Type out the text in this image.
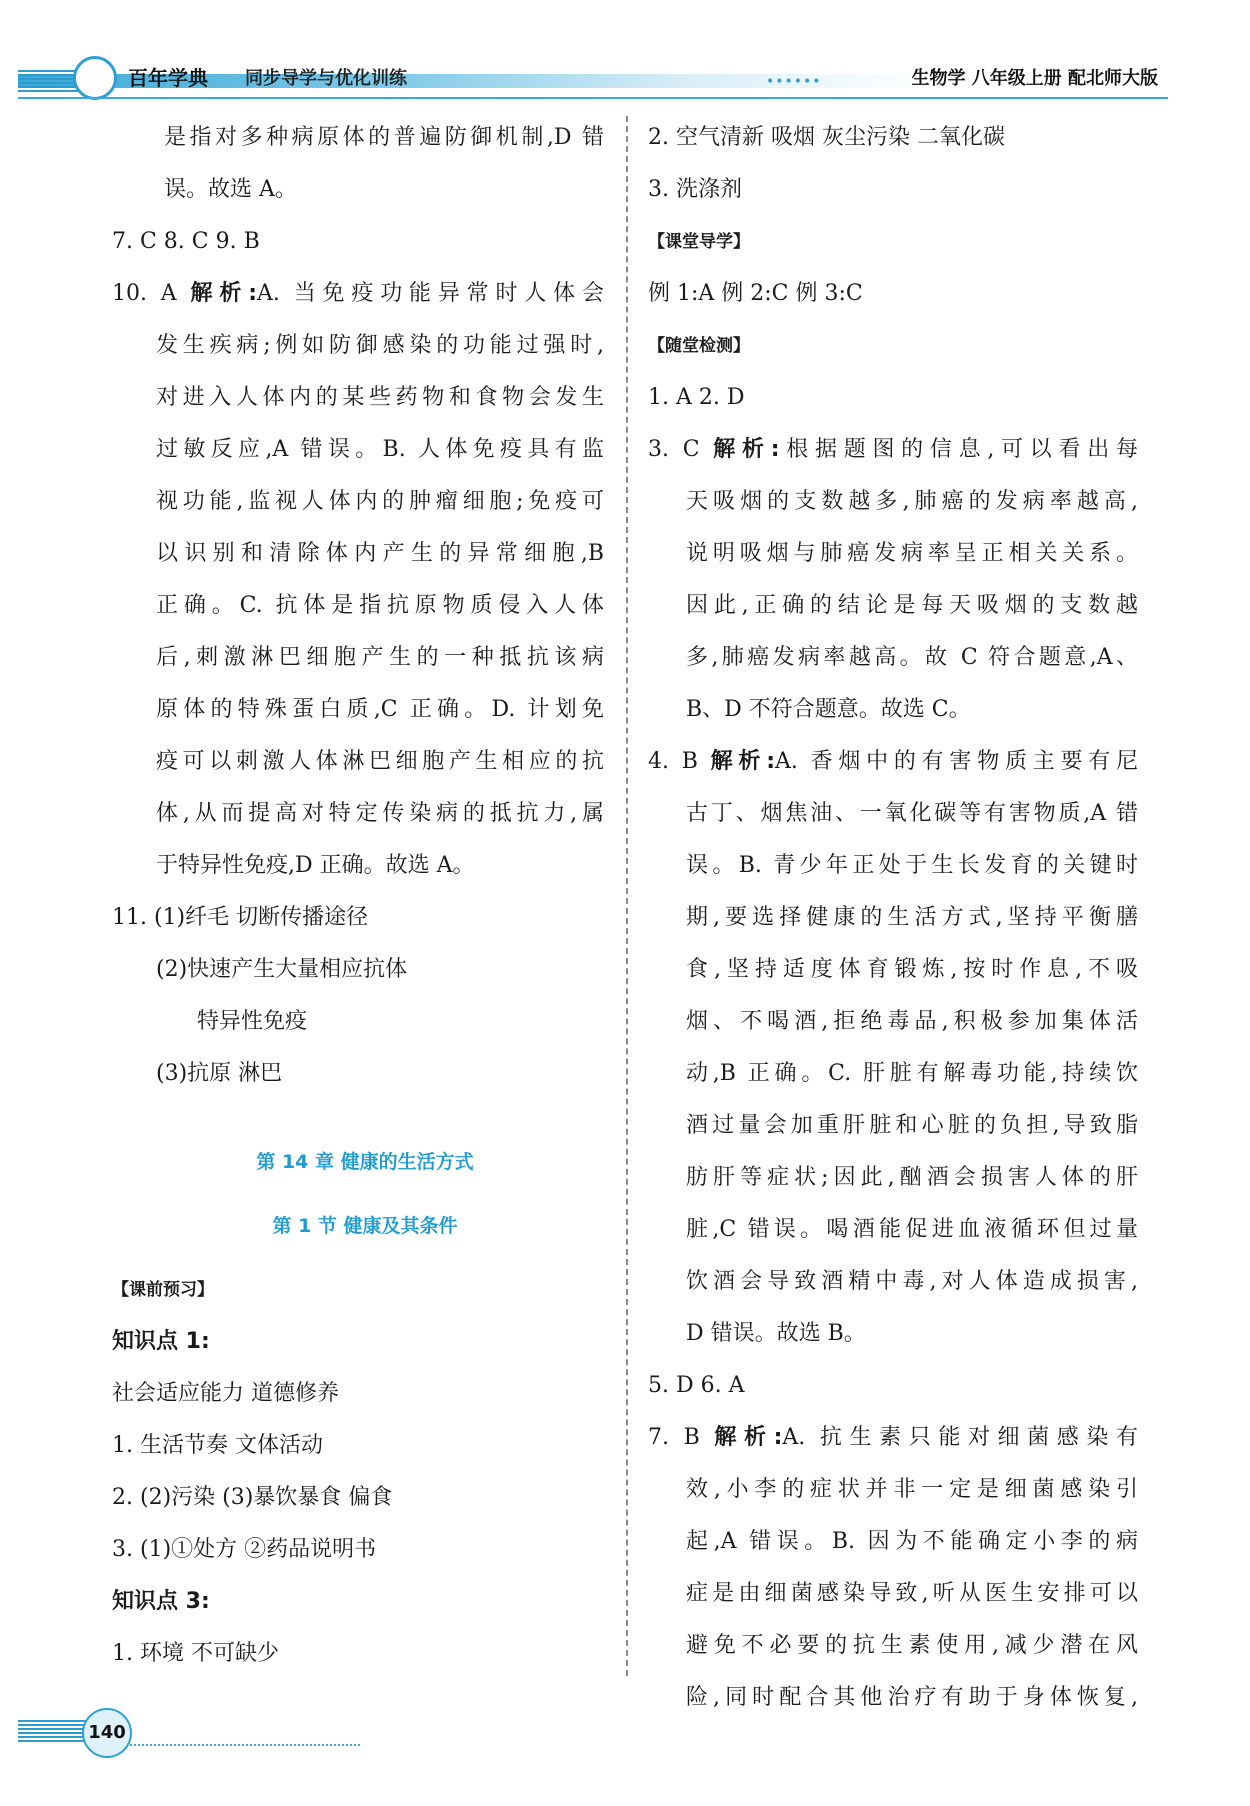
百年学典 同步导学与优化训练	••••••	生物学 八年级上册 配北师大版
是指对多种病原体的普遍防御机制,D 错
误。故选 A。
7. C 8. C 9. B
10. A 解析:A. 当免疫功能异常时人体会
发生疾病;例如防御感染的功能过强时,
对进入人体内的某些药物和食物会发生
过敏反应,A 错误。B. 人体免疫具有监
视功能,监视人体内的肿瘤细胞;免疫可
以识别和清除体内产生的异常细胞,B
正确。C. 抗体是指抗原物质侵入人体
后,刺激淋巴细胞产生的一种抵抗该病
原体的特殊蛋白质,C 正确。D. 计划免
疫可以刺激人体淋巴细胞产生相应的抗
体,从而提高对特定传染病的抵抗力,属
于特异性免疫,D 正确。故选 A。
11. (1)纤毛 切断传播途径
(2)快速产生大量相应抗体
特异性免疫
(3)抗原 淋巴
第 14 章 健康的生活方式
第 1 节 健康及其条件
【课前预习】
知识点 1:
社会适应能力 道德修养
1. 生活节奏 文体活动
2. (2)污染 (3)暴饮暴食 偏食
3. (1)①处方 ②药品说明书
知识点 3:
1. 环境 不可缺少
2. 空气清新 吸烟 灰尘污染 二氧化碳
3. 洗涤剂
【课堂导学】
例 1:A 例 2:C 例 3:C
【随堂检测】
1. A 2. D
3. C 解析:根据题图的信息,可以看出每
天吸烟的支数越多,肺癌的发病率越高,
说明吸烟与肺癌发病率呈正相关关系。
因此,正确的结论是每天吸烟的支数越
多,肺癌发病率越高。故 C 符合题意,A、
B、D 不符合题意。故选 C。
4. B 解析:A. 香烟中的有害物质主要有尼
古丁、烟焦油、一氧化碳等有害物质,A 错
误。B. 青少年正处于生长发育的关键时
期,要选择健康的生活方式,坚持平衡膳
食,坚持适度体育锻炼,按时作息,不吸
烟、不喝酒,拒绝毒品,积极参加集体活
动,B 正确。C. 肝脏有解毒功能,持续饮
酒过量会加重肝脏和心脏的负担,导致脂
肪肝等症状;因此,酗酒会损害人体的肝
脏,C 错误。喝酒能促进血液循环但过量
饮酒会导致酒精中毒,对人体造成损害,
D 错误。故选 B。
5. D 6. A
7. B 解析:A. 抗生素只能对细菌感染有
效,小李的症状并非一定是细菌感染引
起,A 错误。B. 因为不能确定小李的病
症是由细菌感染导致,听从医生安排可以
避免不必要的抗生素使用,减少潜在风
险,同时配合其他治疗有助于身体恢复,
140
